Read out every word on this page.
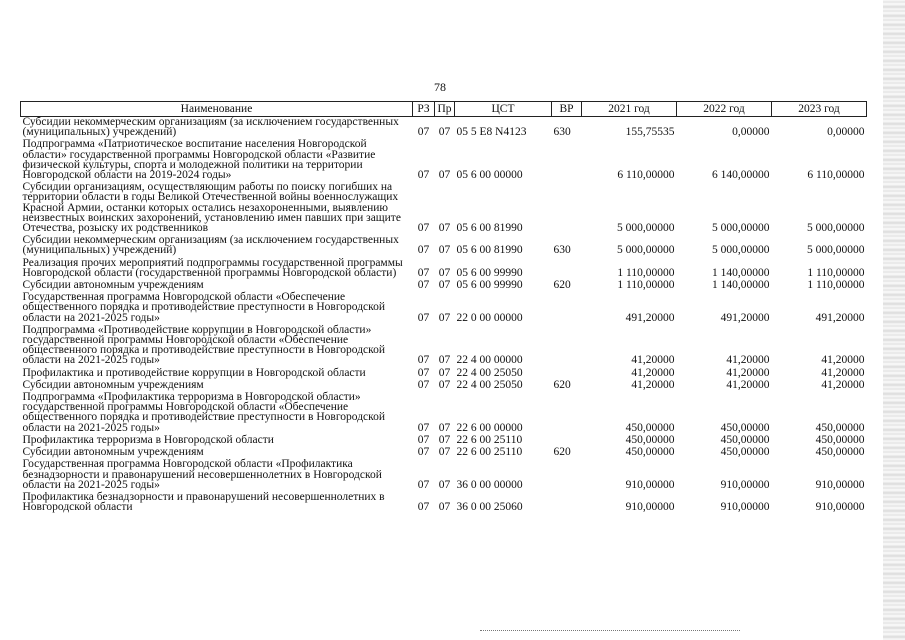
78
Наименование	РЗ	Пр	ЦСТ	ВР	2021 год	2022 год	2023 год
Субсидии некоммерческим организациям (за исключением государственных (муниципальных) учреждений)	07	07	05 5 E8 N4123	630	155,75535	0,00000	0,00000
Подпрограмма «Патриотическое воспитание населения Новгородской области» государственной программы Новгородской области «Развитие физической культуры, спорта и молодежной политики на территории Новгородской области на 2019-2024 годы»	07	07	05 6 00 00000		6 110,00000	6 140,00000	6 110,00000
Субсидии организациям, осуществляющим работы по поиску погибших на территории области в годы Великой Отечественной войны военнослужащих Красной Армии, останки которых остались незахороненными, выявлению неизвестных воинских захоронений, установлению имен павших при защите Отечества, розыску их родственников	07	07	05 6 00 81990		5 000,00000	5 000,00000	5 000,00000
Субсидии некоммерческим организациям (за исключением государственных (муниципальных) учреждений)	07	07	05 6 00 81990	630	5 000,00000	5 000,00000	5 000,00000
Реализация прочих мероприятий подпрограммы государственной программы Новгородской области (государственной программы Новгородской области)	07	07	05 6 00 99990		1 110,00000	1 140,00000	1 110,00000
Субсидии автономным учреждениям	07	07	05 6 00 99990	620	1 110,00000	1 140,00000	1 110,00000
Государственная программа Новгородской области «Обеспечение общественного порядка и противодействие преступности в Новгородской области на 2021-2025 годы»	07	07	22 0 00 00000		491,20000	491,20000	491,20000
Подпрограмма «Противодействие коррупции в Новгородской области» государственной программы Новгородской области «Обеспечение общественного порядка и противодействие преступности в Новгородской области на 2021-2025 годы»	07	07	22 4 00 00000		41,20000	41,20000	41,20000
Профилактика и противодействие коррупции в Новгородской области	07	07	22 4 00 25050		41,20000	41,20000	41,20000
Субсидии автономным учреждениям	07	07	22 4 00 25050	620	41,20000	41,20000	41,20000
Подпрограмма «Профилактика терроризма в Новгородской области» государственной программы Новгородской области «Обеспечение общественного порядка и противодействие преступности в Новгородской области на 2021-2025 годы»	07	07	22 6 00 00000		450,00000	450,00000	450,00000
Профилактика терроризма в Новгородской области	07	07	22 6 00 25110		450,00000	450,00000	450,00000
Субсидии автономным учреждениям	07	07	22 6 00 25110	620	450,00000	450,00000	450,00000
Государственная программа Новгородской области «Профилактика безнадзорности и правонарушений несовершеннолетних в Новгородской области на 2021-2025 годы»	07	07	36 0 00 00000		910,00000	910,00000	910,00000
Профилактика безнадзорности и правонарушений несовершеннолетних в Новгородской области	07	07	36 0 00 25060		910,00000	910,00000	910,00000
